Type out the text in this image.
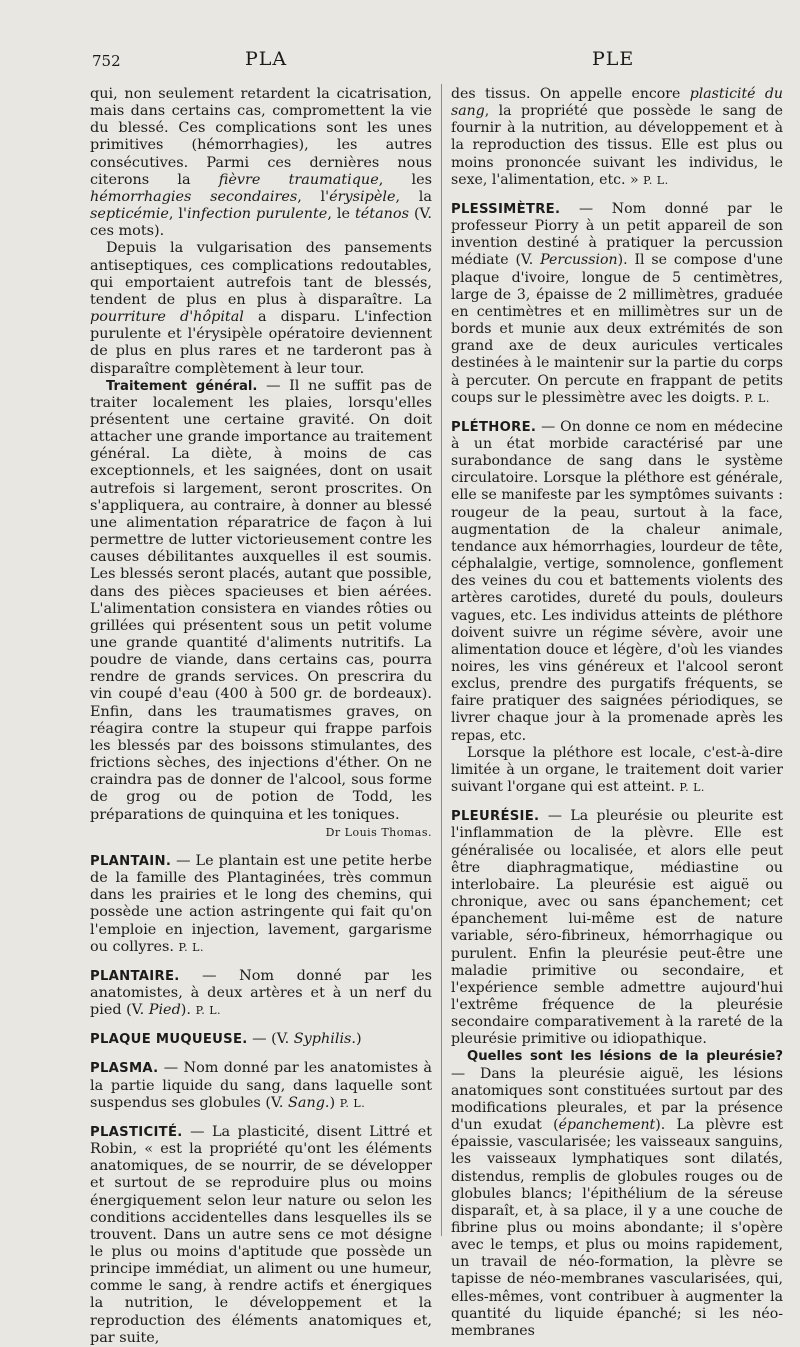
752	PLA	PLE

qui, non seulement retardent la cicatrisation, mais dans certains cas, compromettent la vie du blessé. Ces complications sont les unes primitives (hémorrhagies), les autres consécutives. Parmi ces dernières nous citerons la fièvre traumatique, les hémorrhagies secondaires, l'érysipèle, la septicémie, l'infection purulente, le tétanos (V. ces mots).

Depuis la vulgarisation des pansements antiseptiques, ces complications redoutables, qui emportaient autrefois tant de blessés, tendent de plus en plus à disparaître. La pourriture d'hôpital a disparu. L'infection purulente et l'érysipèle opératoire deviennent de plus en plus rares et ne tarderont pas à disparaître complètement à leur tour.

Traitement général. — Il ne suffit pas de traiter localement les plaies, lorsqu'elles présentent une certaine gravité. On doit attacher une grande importance au traitement général. La diète, à moins de cas exceptionnels, et les saignées, dont on usait autrefois si largement, seront proscrites. On s'appliquera, au contraire, à donner au blessé une alimentation réparatrice de façon à lui permettre de lutter victorieusement contre les causes débilitantes auxquelles il est soumis. Les blessés seront placés, autant que possible, dans des pièces spacieuses et bien aérées. L'alimentation consistera en viandes rôties ou grillées qui présentent sous un petit volume une grande quantité d'aliments nutritifs. La poudre de viande, dans certains cas, pourra rendre de grands services. On prescrira du vin coupé d'eau (400 à 500 gr. de bordeaux). Enfin, dans les traumatismes graves, on réagira contre la stupeur qui frappe parfois les blessés par des boissons stimulantes, des frictions sèches, des injections d'éther. On ne craindra pas de donner de l'alcool, sous forme de grog ou de potion de Todd, les préparations de quinquina et les toniques.

Dr Louis Thomas.

PLANTAIN. — Le plantain est une petite herbe de la famille des Plantaginées, très commun dans les prairies et le long des chemins, qui possède une action astringente qui fait qu'on l'emploie en injection, lavement, gargarisme ou collyres. P. L.

PLANTAIRE. — Nom donné par les anatomistes, à deux artères et à un nerf du pied (V. Pied). P. L.

PLAQUE MUQUEUSE. — (V. Syphilis.)

PLASMA. — Nom donné par les anatomistes à la partie liquide du sang, dans laquelle sont suspendus ses globules (V. Sang.) P. L.

PLASTICITÉ. — La plasticité, disent Littré et Robin, « est la propriété qu'ont les éléments anatomiques, de se nourrir, de se développer et surtout de se reproduire plus ou moins énergiquement selon leur nature ou selon les conditions accidentelles dans lesquelles ils se trouvent. Dans un autre sens ce mot désigne le plus ou moins d'aptitude que possède un principe immédiat, un aliment ou une humeur, comme le sang, à rendre actifs et énergiques la nutrition, le développement et la reproduction des éléments anatomiques et, par suite,

des tissus. On appelle encore plasticité du sang, la propriété que possède le sang de fournir à la nutrition, au développement et à la reproduction des tissus. Elle est plus ou moins prononcée suivant les individus, le sexe, l'alimentation, etc. » P. L.

PLESSIMÈTRE. — Nom donné par le professeur Piorry à un petit appareil de son invention destiné à pratiquer la percussion médiate (V. Percussion). Il se compose d'une plaque d'ivoire, longue de 5 centimètres, large de 3, épaisse de 2 millimètres, graduée en centimètres et en millimètres sur un de bords et munie aux deux extrémités de son grand axe de deux auricules verticales destinées à le maintenir sur la partie du corps à percuter. On percute en frappant de petits coups sur le plessimètre avec les doigts. P. L.

PLÉTHORE. — On donne ce nom en médecine à un état morbide caractérisé par une surabondance de sang dans le système circulatoire. Lorsque la pléthore est générale, elle se manifeste par les symptômes suivants : rougeur de la peau, surtout à la face, augmentation de la chaleur animale, tendance aux hémorrhagies, lourdeur de tête, céphalalgie, vertige, somnolence, gonflement des veines du cou et battements violents des artères carotides, dureté du pouls, douleurs vagues, etc. Les individus atteints de pléthore doivent suivre un régime sévère, avoir une alimentation douce et légère, d'où les viandes noires, les vins généreux et l'alcool seront exclus, prendre des purgatifs fréquents, se faire pratiquer des saignées périodiques, se livrer chaque jour à la promenade après les repas, etc.

Lorsque la pléthore est locale, c'est-à-dire limitée à un organe, le traitement doit varier suivant l'organe qui est atteint. P. L.

PLEURÉSIE. — La pleurésie ou pleurite est l'inflammation de la plèvre. Elle est généralisée ou localisée, et alors elle peut être diaphragmatique, médiastine ou interlobaire. La pleurésie est aiguë ou chronique, avec ou sans épanchement; cet épanchement lui-même est de nature variable, séro-fibrineux, hémorrhagique ou purulent. Enfin la pleurésie peut-être une maladie primitive ou secondaire, et l'expérience semble admettre aujourd'hui l'extrême fréquence de la pleurésie secondaire comparativement à la rareté de la pleurésie primitive ou idiopathique.

Quelles sont les lésions de la pleurésie? — Dans la pleurésie aiguë, les lésions anatomiques sont constituées surtout par des modifications pleurales, et par la présence d'un exudat (épanchement). La plèvre est épaissie, vascularisée; les vaisseaux sanguins, les vaisseaux lymphatiques sont dilatés, distendus, remplis de globules rouges ou de globules blancs; l'épithélium de la séreuse disparaît, et, à sa place, il y a une couche de fibrine plus ou moins abondante; il s'opère avec le temps, et plus ou moins rapidement, un travail de néo-formation, la plèvre se tapisse de néo-membranes vascularisées, qui, elles-mêmes, vont contribuer à augmenter la quantité du liquide épanché; si les néo-membranes
